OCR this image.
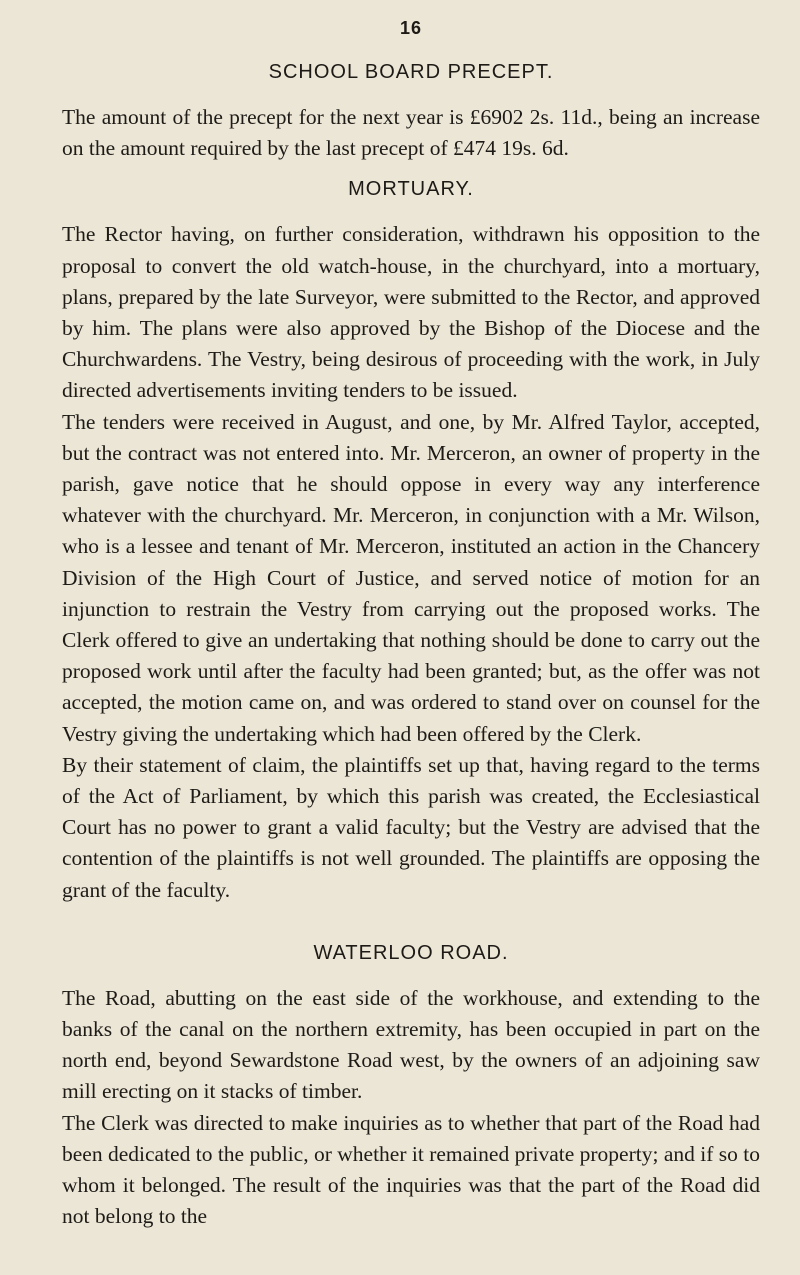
16
SCHOOL BOARD PRECEPT.

The amount of the precept for the next year is £6902 2s. 11d., being an increase on the amount required by the last precept of £474 19s. 6d.

MORTUARY.

The Rector having, on further consideration, withdrawn his opposition to the proposal to convert the old watch-house, in the churchyard, into a mortuary, plans, prepared by the late Surveyor, were submitted to the Rector, and approved by him. The plans were also approved by the Bishop of the Diocese and the Churchwardens. The Vestry, being desirous of proceeding with the work, in July directed advertisements inviting tenders to be issued.

The tenders were received in August, and one, by Mr. Alfred Taylor, accepted, but the contract was not entered into. Mr. Merceron, an owner of property in the parish, gave notice that he should oppose in every way any interference whatever with the churchyard. Mr. Merceron, in conjunction with a Mr. Wilson, who is a lessee and tenant of Mr. Merceron, instituted an action in the Chancery Division of the High Court of Justice, and served notice of motion for an injunction to restrain the Vestry from carrying out the proposed works. The Clerk offered to give an undertaking that nothing should be done to carry out the proposed work until after the faculty had been granted; but, as the offer was not accepted, the motion came on, and was ordered to stand over on counsel for the Vestry giving the undertaking which had been offered by the Clerk.

By their statement of claim, the plaintiffs set up that, having regard to the terms of the Act of Parliament, by which this parish was created, the Ecclesiastical Court has no power to grant a valid faculty; but the Vestry are advised that the contention of the plaintiffs is not well grounded. The plaintiffs are opposing the grant of the faculty.

WATERLOO ROAD.

The Road, abutting on the east side of the workhouse, and extending to the banks of the canal on the northern extremity, has been occupied in part on the north end, beyond Sewardstone Road west, by the owners of an adjoining saw mill erecting on it stacks of timber.

The Clerk was directed to make inquiries as to whether that part of the Road had been dedicated to the public, or whether it remained private property; and if so to whom it belonged. The result of the inquiries was that the part of the Road did not belong to the
